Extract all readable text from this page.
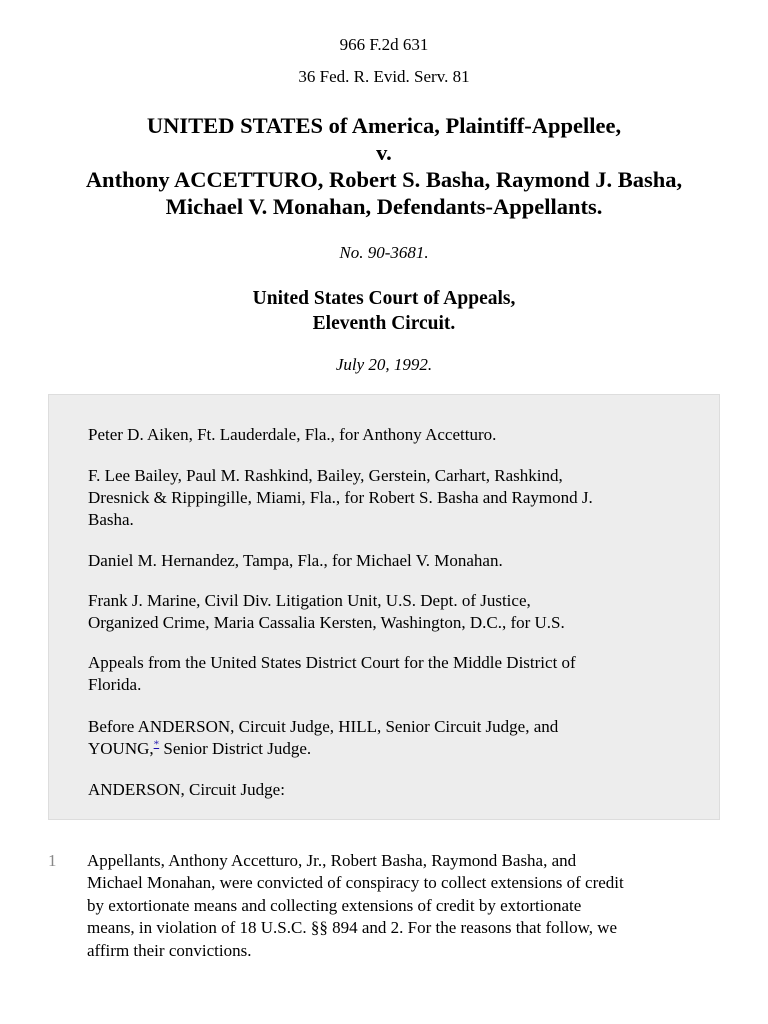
966 F.2d 631
36 Fed. R. Evid. Serv. 81
UNITED STATES of America, Plaintiff-Appellee,
v.
Anthony ACCETTURO, Robert S. Basha, Raymond J. Basha,
Michael V. Monahan, Defendants-Appellants.
No. 90-3681.
United States Court of Appeals,
Eleventh Circuit.
July 20, 1992.

Peter D. Aiken, Ft. Lauderdale, Fla., for Anthony Accetturo.

F. Lee Bailey, Paul M. Rashkind, Bailey, Gerstein, Carhart, Rashkind,
Dresnick & Rippingille, Miami, Fla., for Robert S. Basha and Raymond J.
Basha.

Daniel M. Hernandez, Tampa, Fla., for Michael V. Monahan.

Frank J. Marine, Civil Div. Litigation Unit, U.S. Dept. of Justice,
Organized Crime, Maria Cassalia Kersten, Washington, D.C., for U.S.

Appeals from the United States District Court for the Middle District of
Florida.

Before ANDERSON, Circuit Judge, HILL, Senior Circuit Judge, and
YOUNG,* Senior District Judge.

ANDERSON, Circuit Judge:

1	Appellants, Anthony Accetturo, Jr., Robert Basha, Raymond Basha, and
Michael Monahan, were convicted of conspiracy to collect extensions of credit
by extortionate means and collecting extensions of credit by extortionate
means, in violation of 18 U.S.C. §§ 894 and 2. For the reasons that follow, we
affirm their convictions.
